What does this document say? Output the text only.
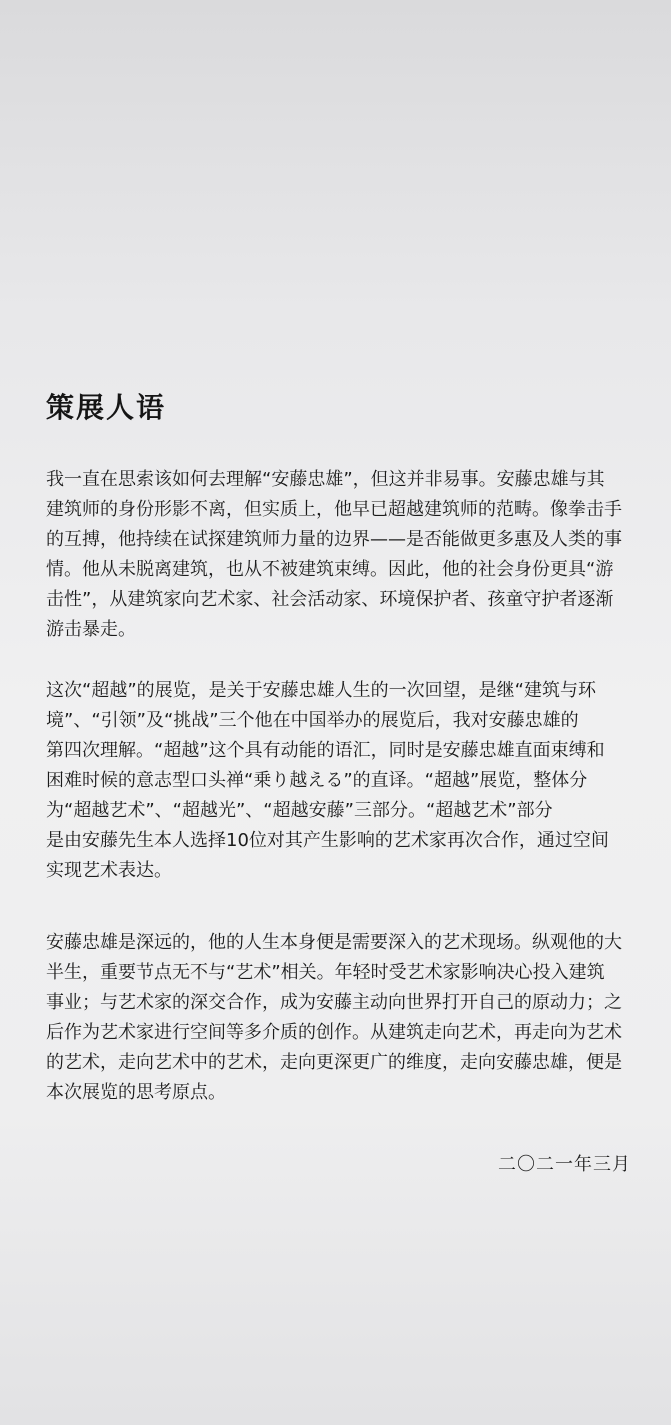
策展人语
我一直在思索该如何去理解“安藤忠雄”，但这并非易事。安藤忠雄与其
建筑师的身份形影不离，但实质上，他早已超越建筑师的范畴。像拳击手
的互搏，他持续在试探建筑师力量的边界——是否能做更多惠及人类的事
情。他从未脱离建筑，也从不被建筑束缚。因此，他的社会身份更具“游
击性”，从建筑家向艺术家、社会活动家、环境保护者、孩童守护者逐渐
游击暴走。
这次“超越”的展览，是关于安藤忠雄人生的一次回望，是继“建筑与环
境”、“引领”及“挑战”三个他在中国举办的展览后，我对安藤忠雄的
第四次理解。“超越”这个具有动能的语汇，同时是安藤忠雄直面束缚和
困难时候的意志型口头禅“乗り越える”的直译。“超越”展览，整体分
为“超越艺术”、“超越光”、“超越安藤”三部分。“超越艺术”部分
是由安藤先生本人选择10位对其产生影响的艺术家再次合作，通过空间
实现艺术表达。
安藤忠雄是深远的，他的人生本身便是需要深入的艺术现场。纵观他的大
半生，重要节点无不与“艺术”相关。年轻时受艺术家影响决心投入建筑
事业；与艺术家的深交合作，成为安藤主动向世界打开自己的原动力；之
后作为艺术家进行空间等多介质的创作。从建筑走向艺术，再走向为艺术
的艺术，走向艺术中的艺术，走向更深更广的维度，走向安藤忠雄，便是
本次展览的思考原点。
二〇二一年三月
